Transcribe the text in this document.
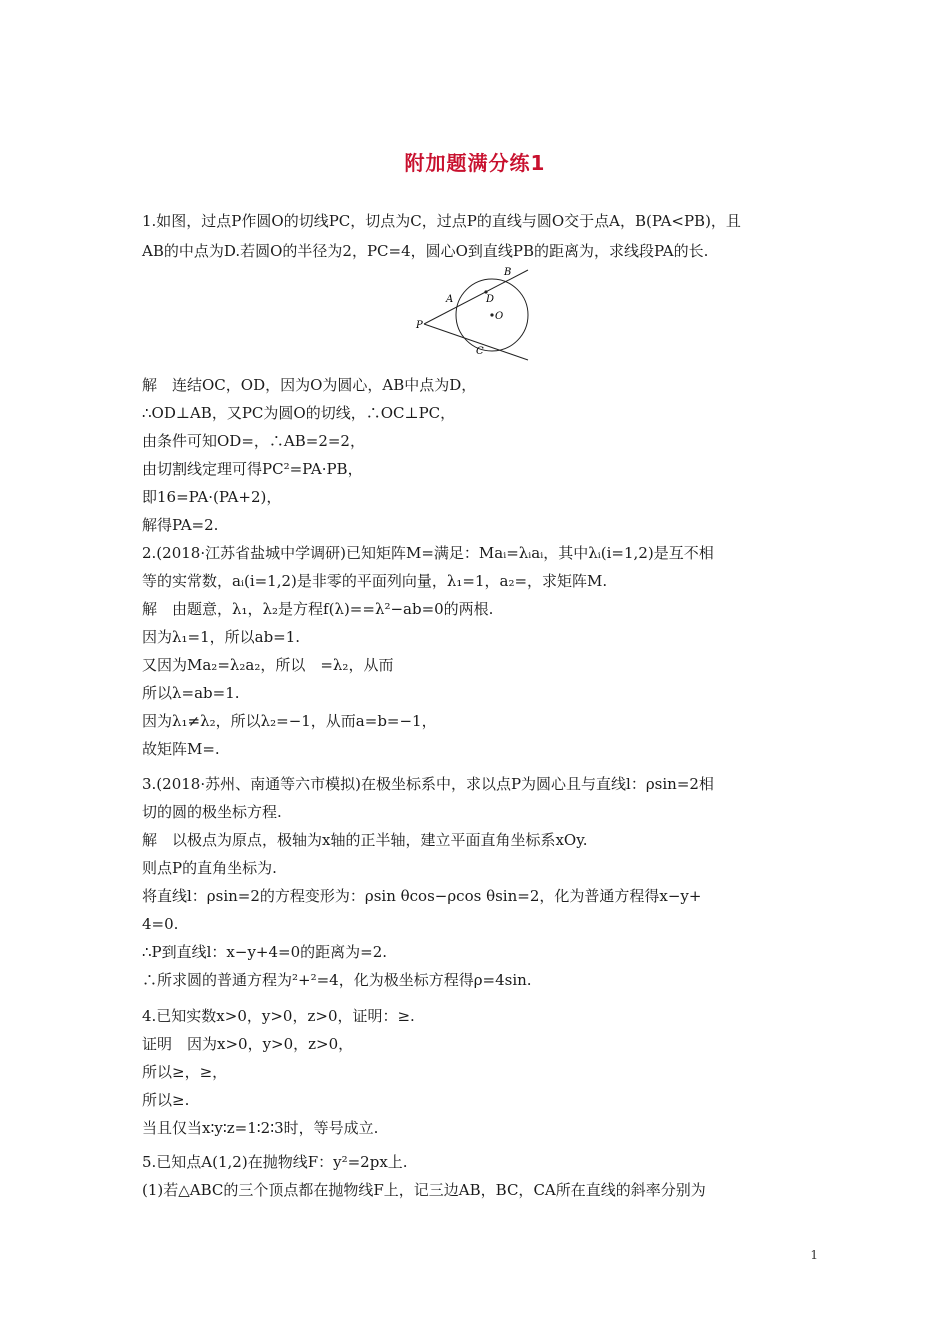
附加题满分练1
1.如图，过点P作圆O的切线PC，切点为C，过点P的直线与圆O交于点A，B(PA<PB)，且
AB的中点为D.若圆O的半径为2，PC=4，圆心O到直线PB的距离为，求线段PA的长.
解　连结OC，OD，因为O为圆心，AB中点为D，
∴OD⊥AB，又PC为圆O的切线，∴OC⊥PC，
由条件可知OD=，∴AB=2=2，
由切割线定理可得PC²=PA·PB，
即16=PA·(PA+2)，
解得PA=2.
2.(2018·江苏省盐城中学调研)已知矩阵M=满足：Maᵢ=λᵢaᵢ，其中λᵢ(i=1,2)是互不相
等的实常数，aᵢ(i=1,2)是非零的平面列向量，λ₁=1，a₂=，求矩阵M.
解　由题意，λ₁，λ₂是方程f(λ)==λ²−ab=0的两根.
因为λ₁=1，所以ab=1.
又因为Ma₂=λ₂a₂，所以　=λ₂，从而
所以λ=ab=1.
因为λ₁≠λ₂，所以λ₂=−1，从而a=b=−1，
故矩阵M=.
3.(2018·苏州、南通等六市模拟)在极坐标系中，求以点P为圆心且与直线l：ρsin=2相
切的圆的极坐标方程.
解　以极点为原点，极轴为x轴的正半轴，建立平面直角坐标系xOy.
则点P的直角坐标为.
将直线l：ρsin=2的方程变形为：ρsin θcos−ρcos θsin=2，化为普通方程得x−y+
4=0.
∴P到直线l：x−y+4=0的距离为=2.
∴所求圆的普通方程为²+²=4，化为极坐标方程得ρ=4sin.
4.已知实数x>0，y>0，z>0，证明：≥.
证明　因为x>0，y>0，z>0，
所以≥，≥，
所以≥.
当且仅当x∶y∶z=1∶2∶3时，等号成立.
5.已知点A(1,2)在抛物线F：y²=2px上.
(1)若△ABC的三个顶点都在抛物线F上，记三边AB，BC，CA所在直线的斜率分别为
P
A
B
D
O
C
1
